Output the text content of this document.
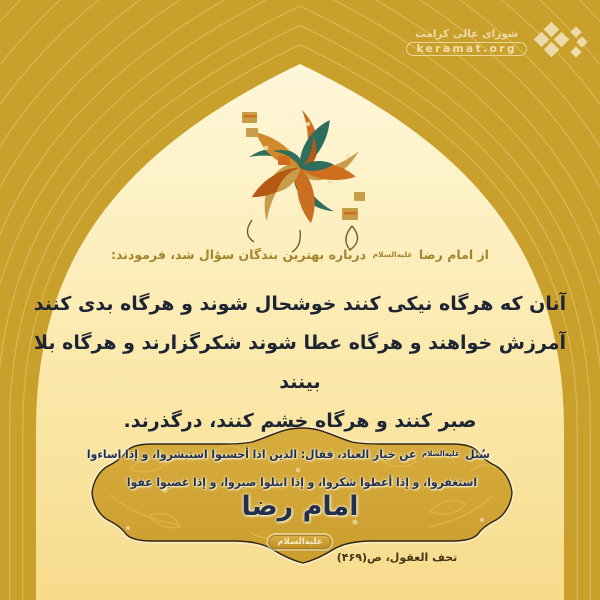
شورای عالی کرامت
keramat.org
از امام رضا علیه‌السلام درباره بهترین بندگان سؤال شد، فرمودند:
آنان که هرگاه نیکی کنند خوشحال شوند و هرگاه بدی کنند
آمرزش خواهند و هرگاه عطا شوند شکرگزارند و هرگاه بلا بینند
صبر کنند و هرگاه خشم کنند، درگذرند.
سُئل علیه‌السلام عن خیار العباد، فقال: الذین اذا أحسنوا استبشروا، و إذا اساءوا
استغفروا، و إذا أعطوا شکروا، و إذا ابتلوا صبروا، و إذا غضبوا عفوا
امام رضا
علیه‌السلام
تحف العقول، ص(۴۶۹)
